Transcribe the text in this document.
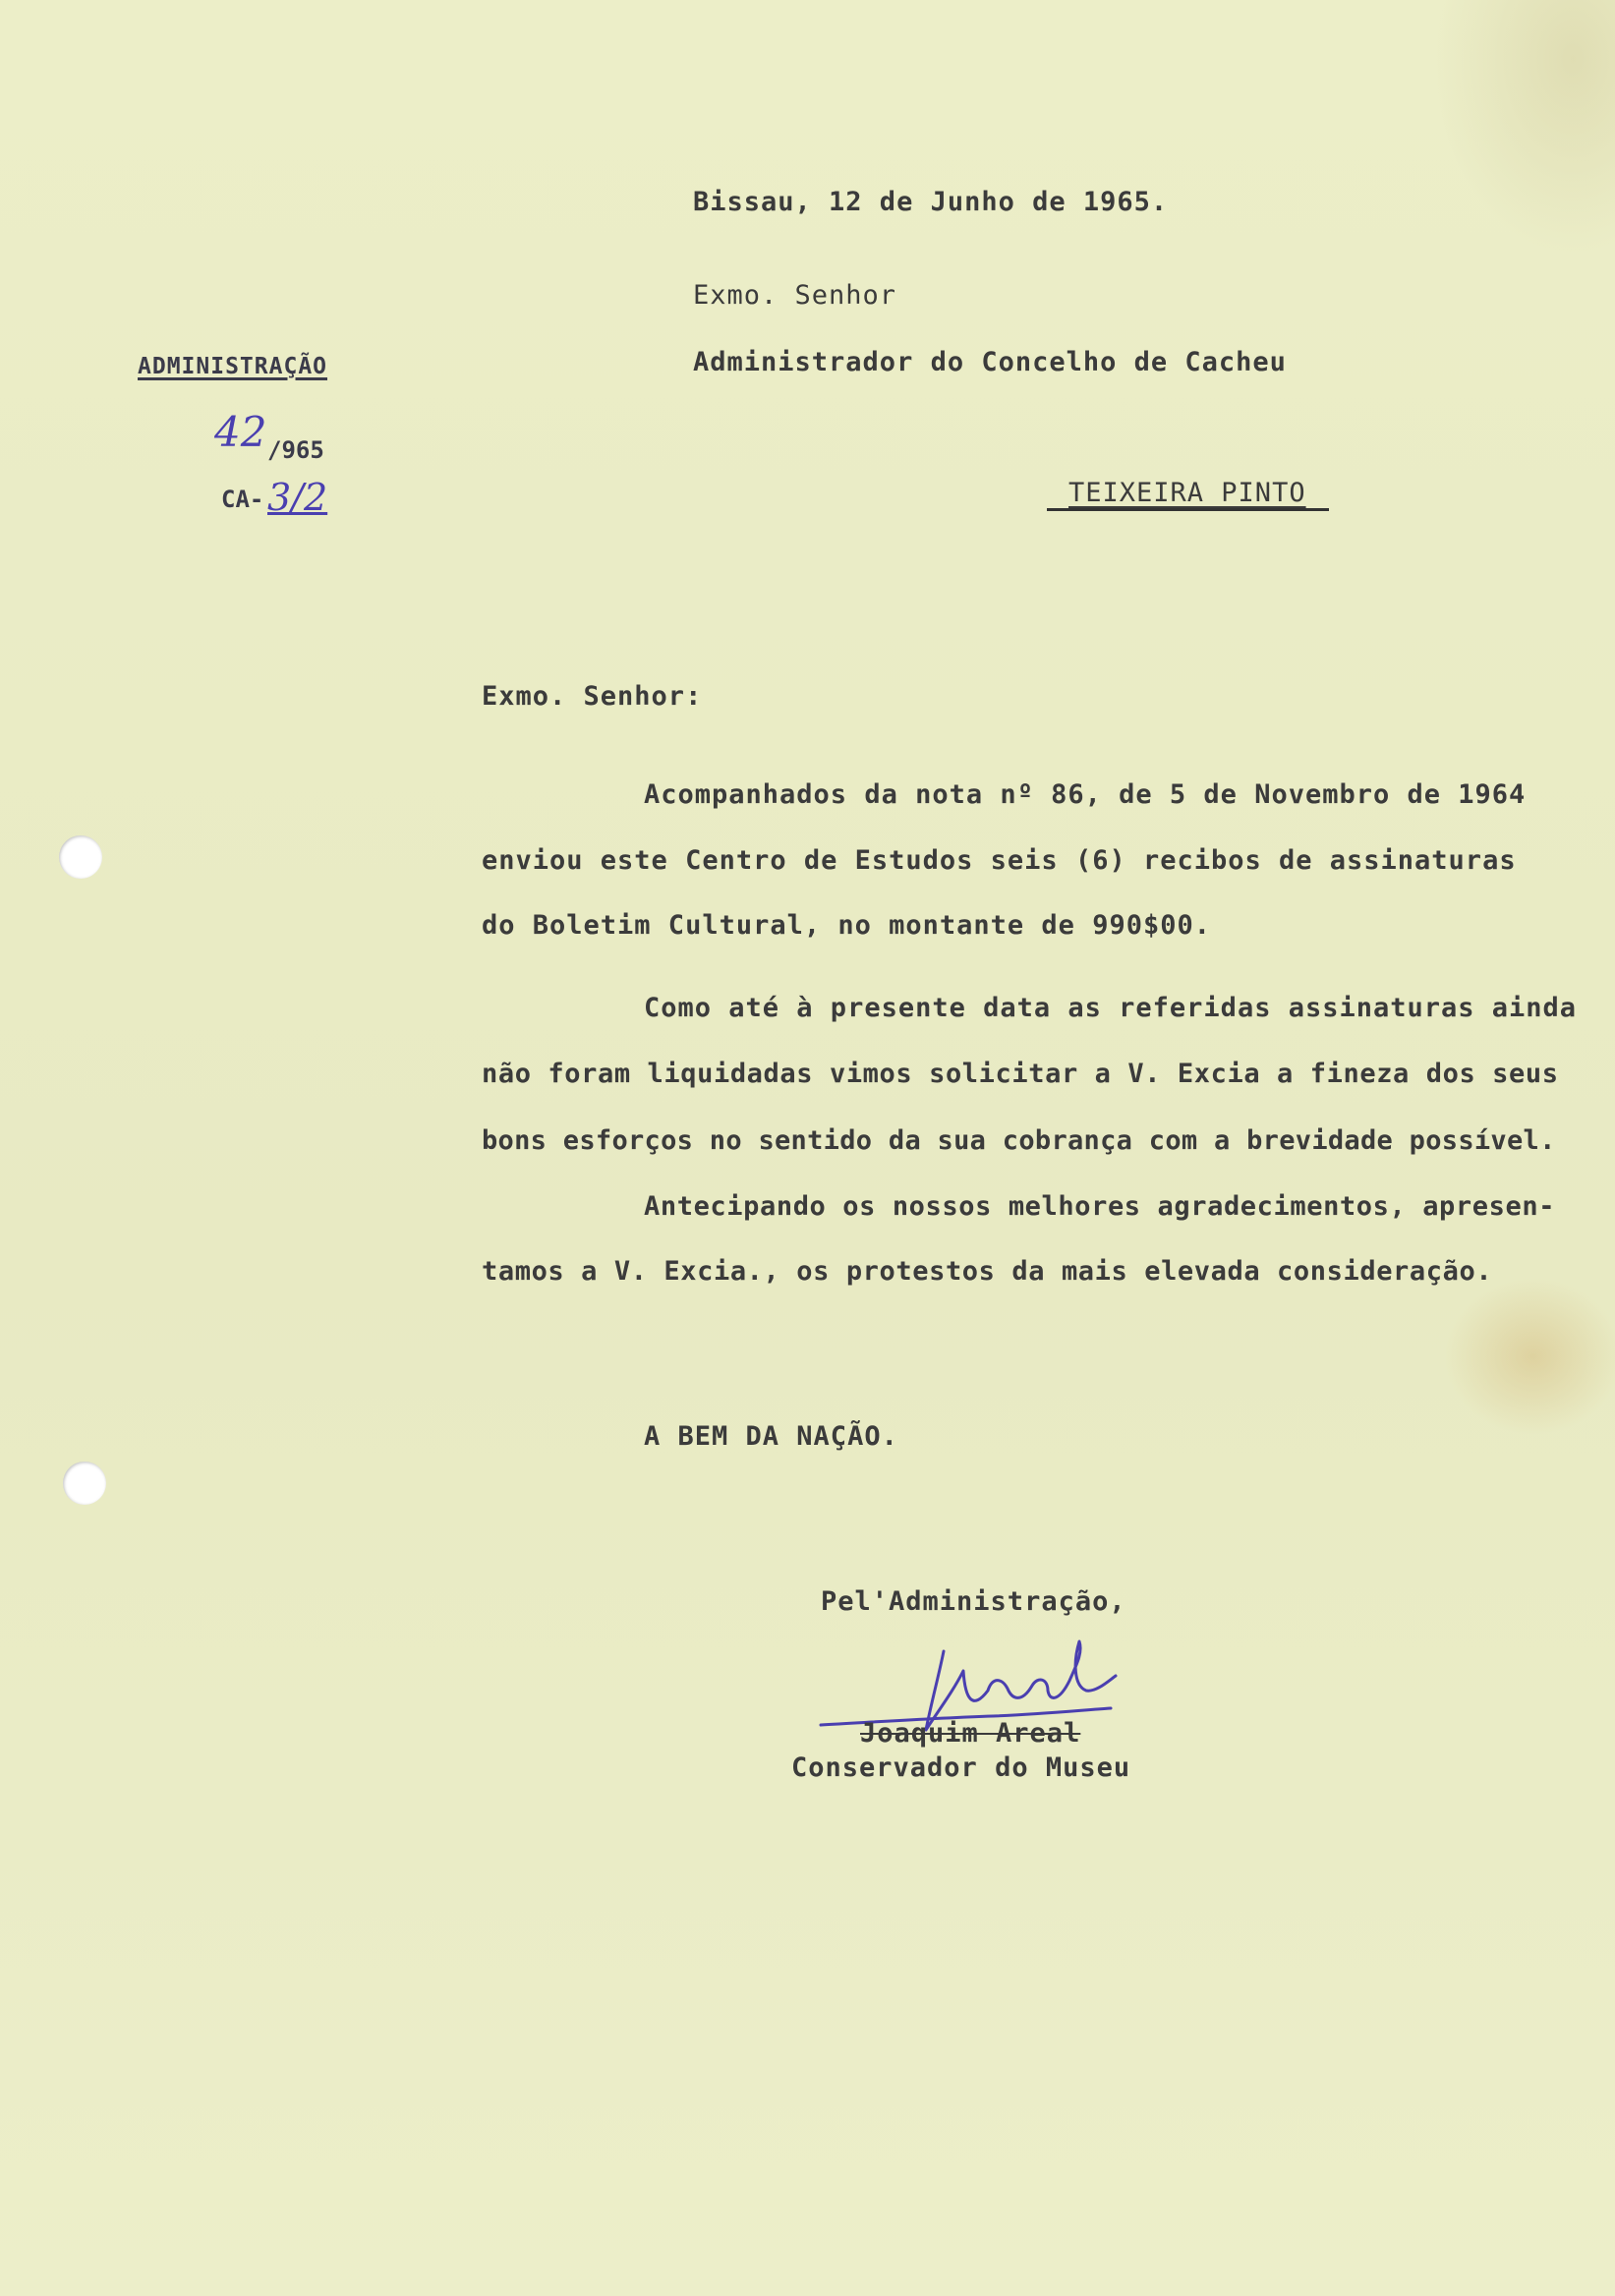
Bissau, 12 de Junho de 1965.
Exmo. Senhor
Administrador do Concelho de Cacheu
TEIXEIRA PINTO
ADMINISTRAÇÃO
42 /965
CA- 3/2
Exmo. Senhor:
Acompanhados da nota nº 86, de 5 de Novembro de 1964
enviou este Centro de Estudos seis (6) recibos de assinaturas
do Boletim Cultural, no montante de 990$00.
Como até à presente data as referidas assinaturas ainda
não foram liquidadas vimos solicitar a V. Excia a fineza dos seus
bons esforços no sentido da sua cobrança com a brevidade possível.
Antecipando os nossos melhores agradecimentos, apresen-
tamos a V. Excia., os protestos da mais elevada consideração.
A BEM DA NAÇÃO.
Pel'Administração,
Joaquim Areal
Conservador do Museu
